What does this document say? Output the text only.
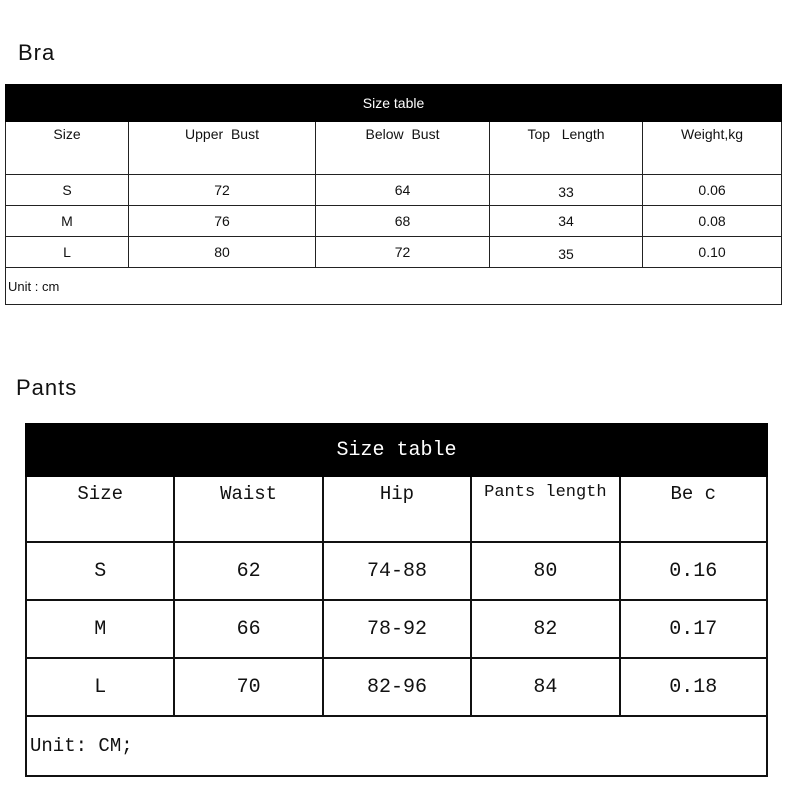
Bra
Size table				
Size	Upper  Bust	Below  Bust	Top   Length	Weight,kg
S	72	64	33	0.06
M	76	68	34	0.08
L	80	72	35	0.10
Unit : cm				
Pants
Size table				
Size	Waist	Hip	Pants length	Be c
S	62	74-88	80	0.16
M	66	78-92	82	0.17
L	70	82-96	84	0.18
Unit: CM;				
